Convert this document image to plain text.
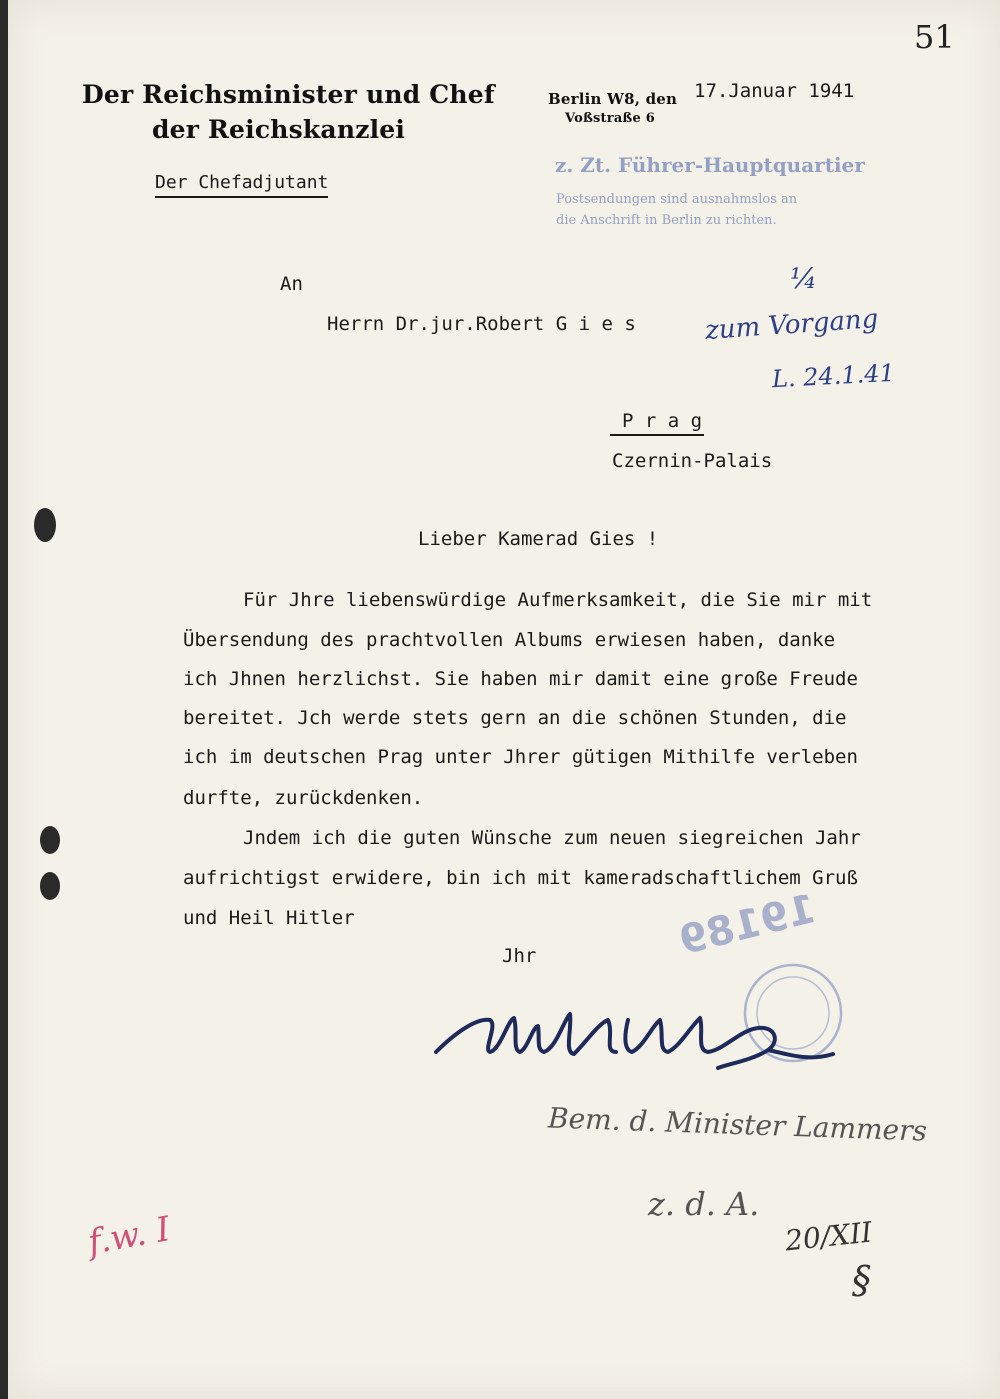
51
Der Reichsminister und Chef
der Reichskanzlei
Der Chefadjutant
Berlin W8, den 17.Januar 1941
Voßstraße 6
z. Zt. Führer-Hauptquartier
Postsendungen sind ausnahmslos an
die Anschrift in Berlin zu richten.
An
Herrn Dr.jur.Robert G i e s
P r a g
Czernin-Palais
¼
zum Vorgang
L. 24.1.41
Lieber Kamerad Gies !
Für Jhre liebenswürdige Aufmerksamkeit, die Sie mir mit
Übersendung des prachtvollen Albums erwiesen haben, danke
ich Jhnen herzlichst. Sie haben mir damit eine große Freude
bereitet. Jch werde stets gern an die schönen Stunden, die
ich im deutschen Prag unter Jhrer gütigen Mithilfe verleben
durfte, zurückdenken.
Jndem ich die guten Wünsche zum neuen siegreichen Jahr
aufrichtigst erwidere, bin ich mit kameradschaftlichem Gruß
und Heil Hitler
Jhr	19189
Bem. d. Minister Lammers
z. d. A.
20/XII
§
f.w. I
